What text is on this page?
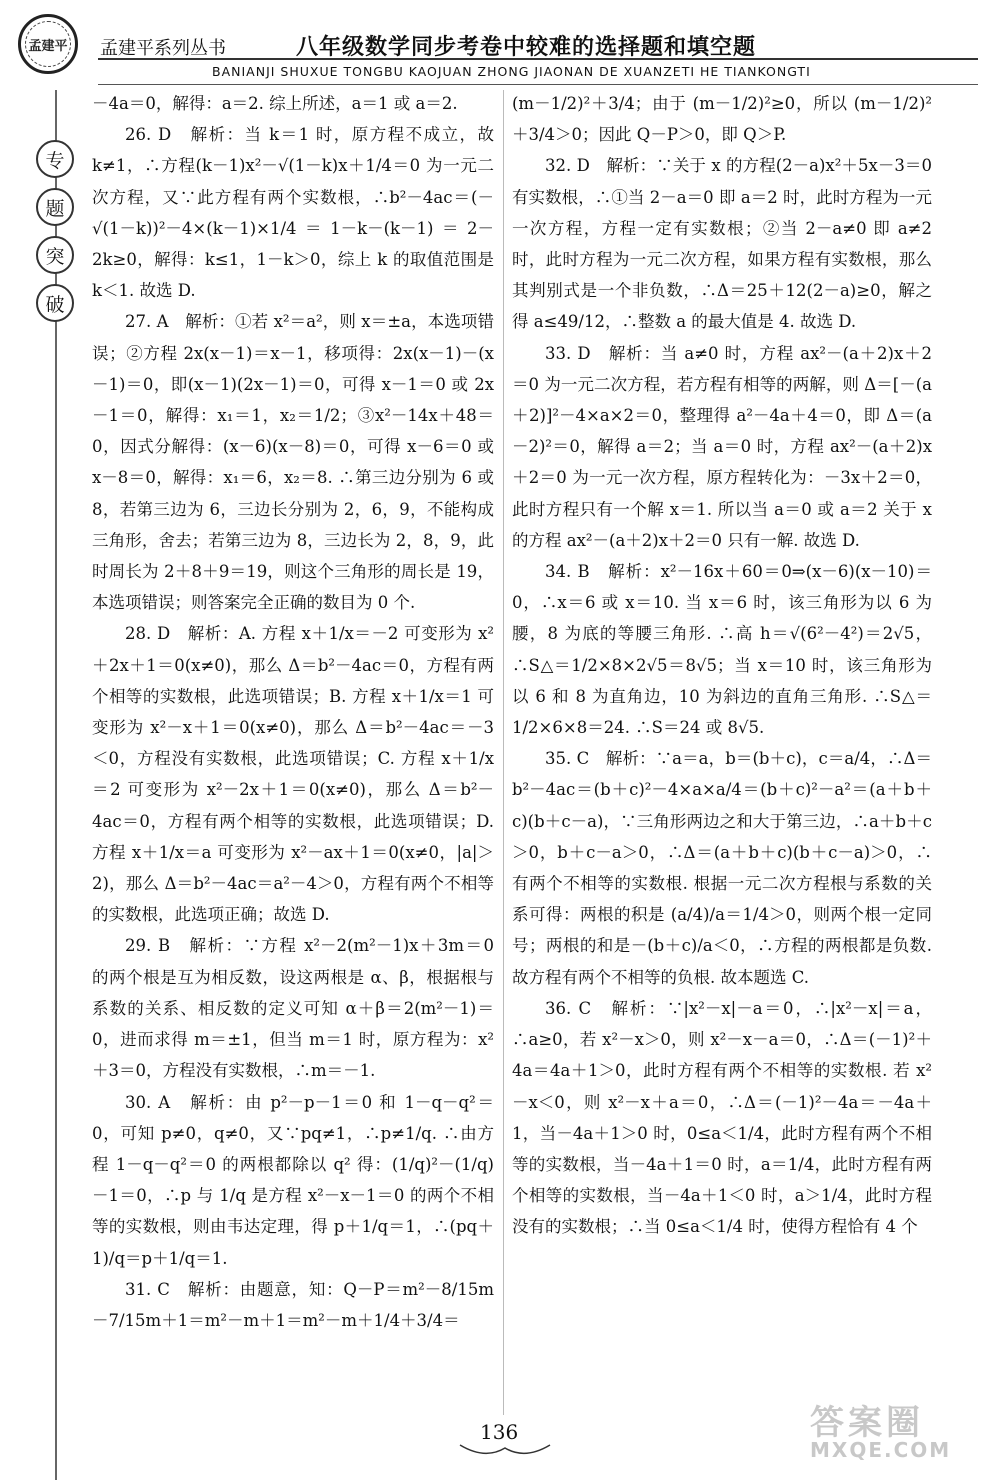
孟建平	孟建平系列丛书	八年级数学同步考卷中较难的选择题和填空题
BANIANJI SHUXUE TONGBU KAOJUAN ZHONG JIAONAN DE XUANZETI HE TIANKONGTI
专
题
突
破

－4a＝0，解得：a＝2. 综上所述，a＝1 或 a＝2.

26. D　解析：当 k＝1 时，原方程不成立，故 k≠1，∴方程(k－1)x²－√(1－k)x＋1/4＝0 为一元二次方程，又∵此方程有两个实数根，∴b²－4ac＝(－√(1－k))²－4×(k－1)×1/4＝1－k－(k－1)＝2－2k≥0，解得：k≤1，1－k＞0，综上 k 的取值范围是 k＜1. 故选 D.

27. A　解析：①若 x²＝a²，则 x＝±a，本选项错误；②方程 2x(x－1)＝x－1，移项得：2x(x－1)－(x－1)＝0，即(x－1)(2x－1)＝0，可得 x－1＝0 或 2x－1＝0，解得：x₁＝1，x₂＝1/2；③x²－14x＋48＝0，因式分解得：(x－6)(x－8)＝0，可得 x－6＝0 或 x－8＝0，解得：x₁＝6，x₂＝8. ∴第三边分别为 6 或 8，若第三边为 6，三边长分别为 2，6，9，不能构成三角形，舍去；若第三边为 8，三边长为 2，8，9，此时周长为 2＋8＋9＝19，则这个三角形的周长是 19，本选项错误；则答案完全正确的数目为 0 个.

28. D　解析：A. 方程 x＋1/x＝－2 可变形为 x²＋2x＋1＝0(x≠0)，那么 Δ＝b²－4ac＝0，方程有两个相等的实数根，此选项错误；B. 方程 x＋1/x＝1 可变形为 x²－x＋1＝0(x≠0)，那么 Δ＝b²－4ac＝－3＜0，方程没有实数根，此选项错误；C. 方程 x＋1/x＝2 可变形为 x²－2x＋1＝0(x≠0)，那么 Δ＝b²－4ac＝0，方程有两个相等的实数根，此选项错误；D. 方程 x＋1/x＝a 可变形为 x²－ax＋1＝0(x≠0，|a|＞2)，那么 Δ＝b²－4ac＝a²－4＞0，方程有两个不相等的实数根，此选项正确；故选 D.

29. B　解析：∵方程 x²－2(m²－1)x＋3m＝0 的两个根是互为相反数，设这两根是 α、β，根据根与系数的关系、相反数的定义可知 α＋β＝2(m²－1)＝0，进而求得 m＝±1，但当 m＝1 时，原方程为：x²＋3＝0，方程没有实数根，∴m＝－1.

30. A　解析：由 p²－p－1＝0 和 1－q－q²＝0，可知 p≠0，q≠0，又∵pq≠1，∴p≠1/q. ∴由方程 1－q－q²＝0 的两根都除以 q² 得：(1/q)²－(1/q)－1＝0，∴p 与 1/q 是方程 x²－x－1＝0 的两个不相等的实数根，则由韦达定理，得 p＋1/q＝1，∴(pq＋1)/q＝p＋1/q＝1.

31. C　解析：由题意，知：Q－P＝m²－8/15m－7/15m＋1＝m²－m＋1＝m²－m＋1/4＋3/4＝

(m－1/2)²＋3/4；由于 (m－1/2)²≥0，所以 (m－1/2)²＋3/4＞0；因此 Q－P＞0，即 Q＞P.

32. D　解析：∵关于 x 的方程(2－a)x²＋5x－3＝0 有实数根，∴①当 2－a＝0 即 a＝2 时，此时方程为一元一次方程，方程一定有实数根；②当 2－a≠0 即 a≠2 时，此时方程为一元二次方程，如果方程有实数根，那么其判别式是一个非负数，∴Δ＝25＋12(2－a)≥0，解之得 a≤49/12，∴整数 a 的最大值是 4. 故选 D.

33. D　解析：当 a≠0 时，方程 ax²－(a＋2)x＋2＝0 为一元二次方程，若方程有相等的两解，则 Δ＝[－(a＋2)]²－4×a×2＝0，整理得 a²－4a＋4＝0，即 Δ＝(a－2)²＝0，解得 a＝2；当 a＝0 时，方程 ax²－(a＋2)x＋2＝0 为一元一次方程，原方程转化为：－3x＋2＝0，此时方程只有一个解 x＝1. 所以当 a＝0 或 a＝2 关于 x 的方程 ax²－(a＋2)x＋2＝0 只有一解. 故选 D.

34. B　解析：x²－16x＋60＝0⇒(x－6)(x－10)＝0，∴x＝6 或 x＝10. 当 x＝6 时，该三角形为以 6 为腰，8 为底的等腰三角形. ∴高 h＝√(6²－4²)＝2√5，∴S△＝1/2×8×2√5＝8√5；当 x＝10 时，该三角形为以 6 和 8 为直角边，10 为斜边的直角三角形. ∴S△＝1/2×6×8＝24. ∴S＝24 或 8√5.

35. C　解析：∵a＝a，b＝(b＋c)，c＝a/4，∴Δ＝b²－4ac＝(b＋c)²－4×a×a/4＝(b＋c)²－a²＝(a＋b＋c)(b＋c－a)，∵三角形两边之和大于第三边，∴a＋b＋c＞0，b＋c－a＞0，∴Δ＝(a＋b＋c)(b＋c－a)＞0，∴有两个不相等的实数根. 根据一元二次方程根与系数的关系可得：两根的积是 (a/4)/a＝1/4＞0，则两个根一定同号；两根的和是－(b＋c)/a＜0，∴方程的两根都是负数. 故方程有两个不相等的负根. 故本题选 C.

36. C　解析：∵|x²－x|－a＝0，∴|x²－x|＝a，∴a≥0，若 x²－x＞0，则 x²－x－a＝0，∴Δ＝(－1)²＋4a＝4a＋1＞0，此时方程有两个不相等的实数根. 若 x²－x＜0，则 x²－x＋a＝0，∴Δ＝(－1)²－4a＝－4a＋1，当－4a＋1＞0 时，0≤a＜1/4，此时方程有两个不相等的实数根，当－4a＋1＝0 时，a＝1/4，此时方程有两个相等的实数根，当－4a＋1＜0 时，a＞1/4，此时方程没有的实数根；∴当 0≤a＜1/4 时，使得方程恰有 4 个

136	答案圈
MXQE.COM
